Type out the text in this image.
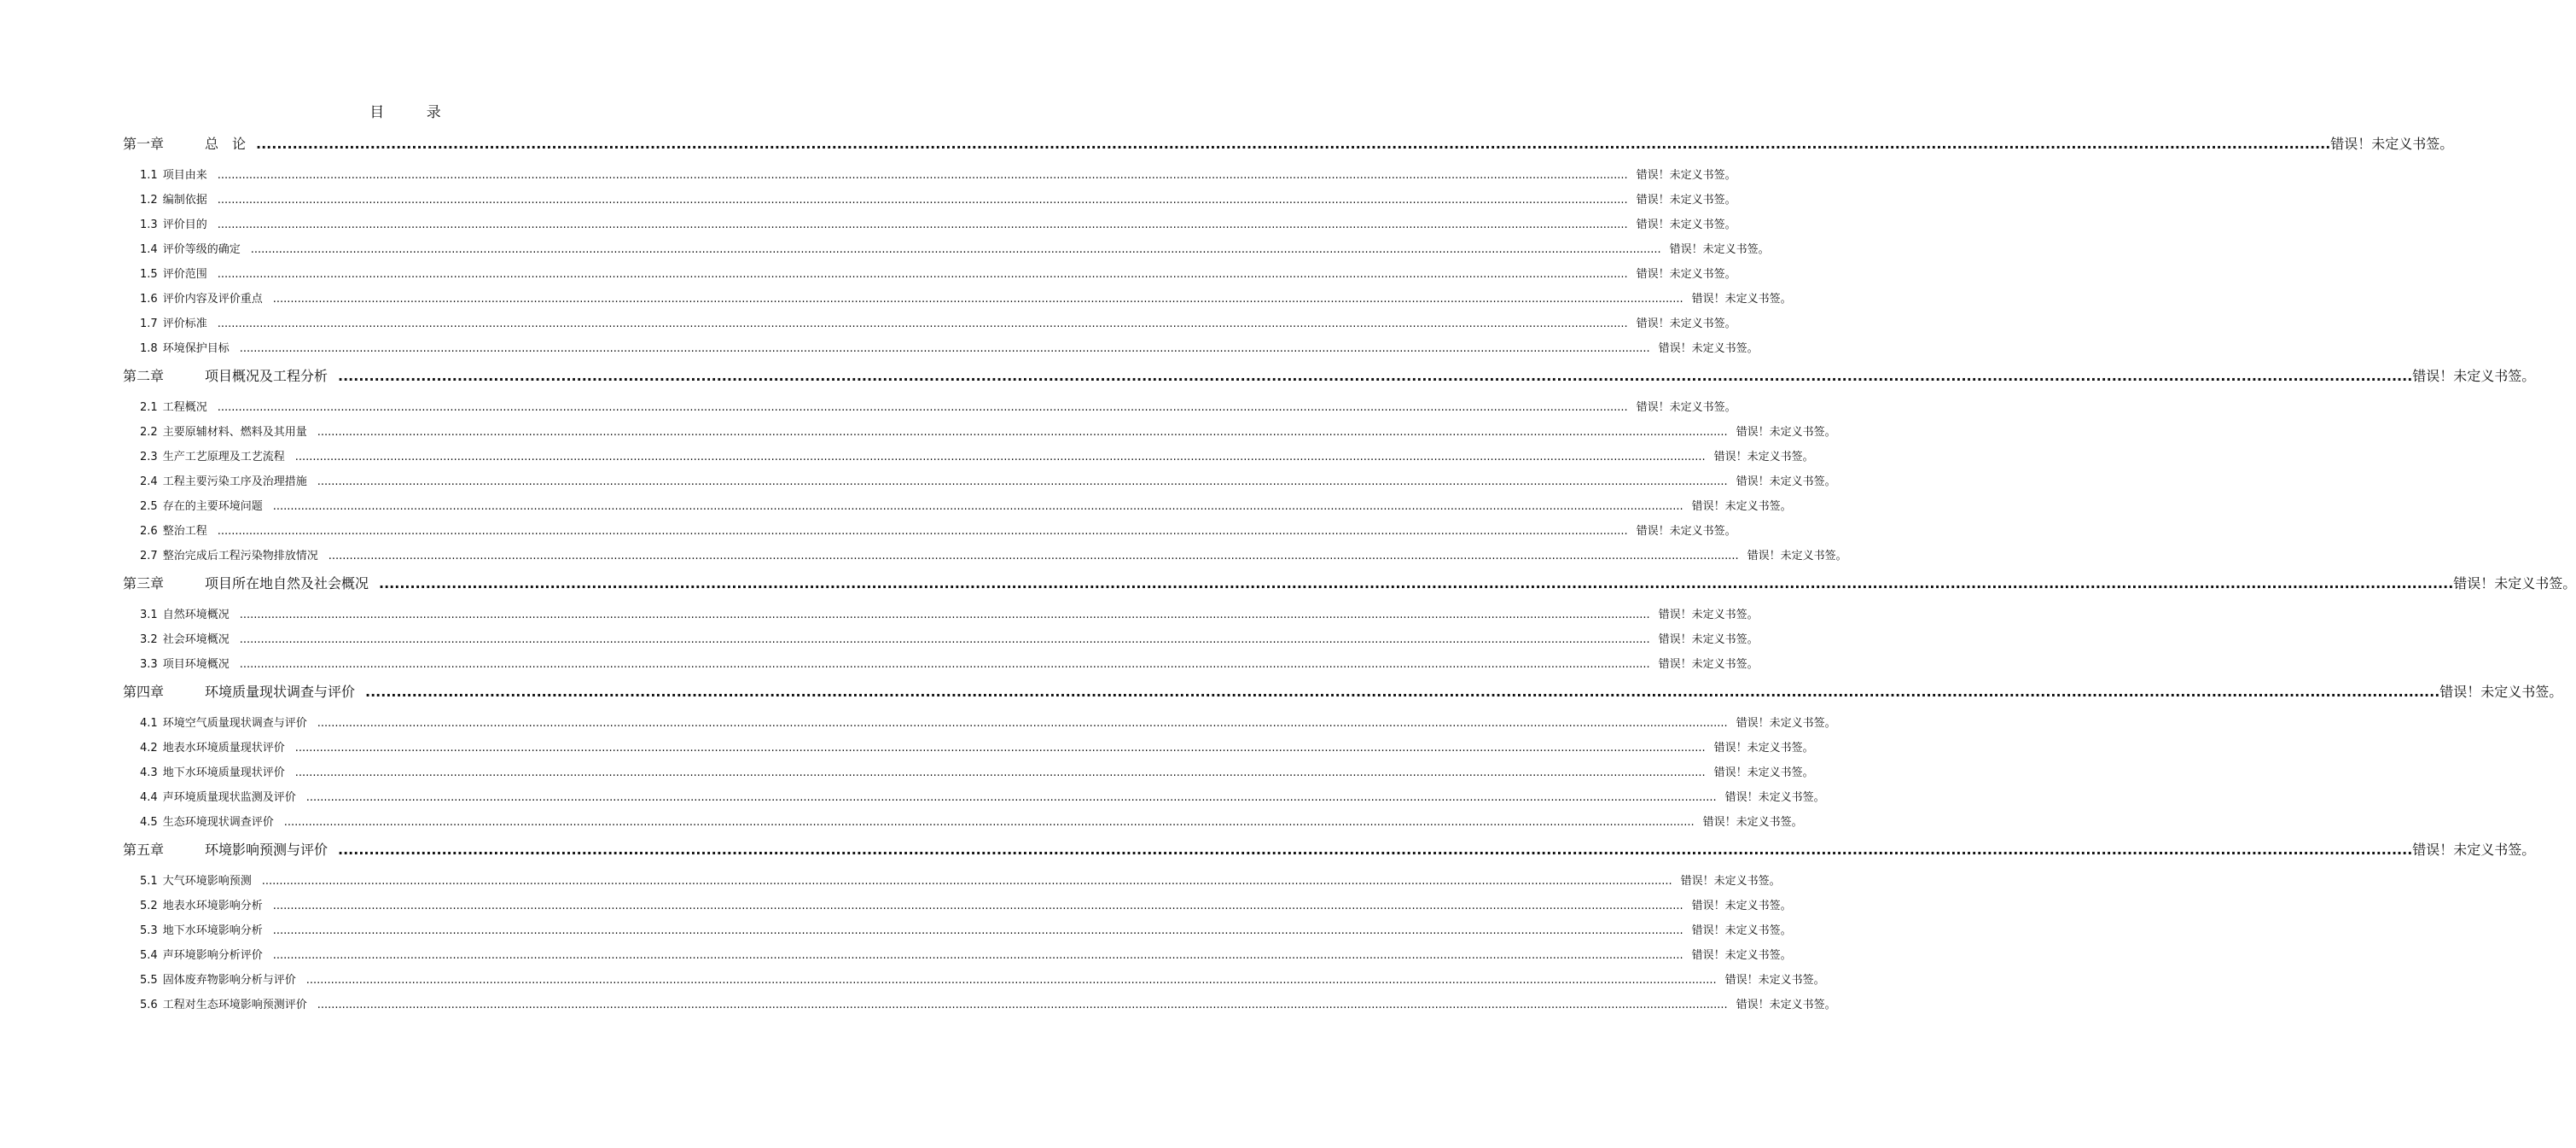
目 录
第一章	总　论 ................................................................................................................................................................................................................................................................................................................................................................................................................ 错误！未定义书签。
1.1 项目由来 ................................................................................................................................................................................................................................................................................................................................................................................................................ 错误！未定义书签。
1.2 编制依据 ................................................................................................................................................................................................................................................................................................................................................................................................................ 错误！未定义书签。
1.3 评价目的 ................................................................................................................................................................................................................................................................................................................................................................................................................ 错误！未定义书签。
1.4 评价等级的确定 ................................................................................................................................................................................................................................................................................................................................................................................................................ 错误！未定义书签。
1.5 评价范围 ................................................................................................................................................................................................................................................................................................................................................................................................................ 错误！未定义书签。
1.6 评价内容及评价重点 ................................................................................................................................................................................................................................................................................................................................................................................................................ 错误！未定义书签。
1.7 评价标准 ................................................................................................................................................................................................................................................................................................................................................................................................................ 错误！未定义书签。
1.8 环境保护目标 ................................................................................................................................................................................................................................................................................................................................................................................................................ 错误！未定义书签。
第二章	项目概况及工程分析 ................................................................................................................................................................................................................................................................................................................................................................................................................ 错误！未定义书签。
2.1 工程概况 ................................................................................................................................................................................................................................................................................................................................................................................................................ 错误！未定义书签。
2.2 主要原辅材料、燃料及其用量 ................................................................................................................................................................................................................................................................................................................................................................................................................ 错误！未定义书签。
2.3 生产工艺原理及工艺流程 ................................................................................................................................................................................................................................................................................................................................................................................................................ 错误！未定义书签。
2.4 工程主要污染工序及治理措施 ................................................................................................................................................................................................................................................................................................................................................................................................................ 错误！未定义书签。
2.5 存在的主要环境问题 ................................................................................................................................................................................................................................................................................................................................................................................................................ 错误！未定义书签。
2.6 整治工程 ................................................................................................................................................................................................................................................................................................................................................................................................................ 错误！未定义书签。
2.7 整治完成后工程污染物排放情况 ................................................................................................................................................................................................................................................................................................................................................................................................................ 错误！未定义书签。
第三章	项目所在地自然及社会概况 ................................................................................................................................................................................................................................................................................................................................................................................................................ 错误！未定义书签。
3.1 自然环境概况 ................................................................................................................................................................................................................................................................................................................................................................................................................ 错误！未定义书签。
3.2 社会环境概况 ................................................................................................................................................................................................................................................................................................................................................................................................................ 错误！未定义书签。
3.3 项目环境概况 ................................................................................................................................................................................................................................................................................................................................................................................................................ 错误！未定义书签。
第四章	环境质量现状调查与评价 ................................................................................................................................................................................................................................................................................................................................................................................................................ 错误！未定义书签。
4.1 环境空气质量现状调查与评价 ................................................................................................................................................................................................................................................................................................................................................................................................................ 错误！未定义书签。
4.2 地表水环境质量现状评价 ................................................................................................................................................................................................................................................................................................................................................................................................................ 错误！未定义书签。
4.3 地下水环境质量现状评价 ................................................................................................................................................................................................................................................................................................................................................................................................................ 错误！未定义书签。
4.4 声环境质量现状监测及评价 ................................................................................................................................................................................................................................................................................................................................................................................................................ 错误！未定义书签。
4.5 生态环境现状调查评价 ................................................................................................................................................................................................................................................................................................................................................................................................................ 错误！未定义书签。
第五章	环境影响预测与评价 ................................................................................................................................................................................................................................................................................................................................................................................................................ 错误！未定义书签。
5.1 大气环境影响预测 ................................................................................................................................................................................................................................................................................................................................................................................................................ 错误！未定义书签。
5.2 地表水环境影响分析 ................................................................................................................................................................................................................................................................................................................................................................................................................ 错误！未定义书签。
5.3 地下水环境影响分析 ................................................................................................................................................................................................................................................................................................................................................................................................................ 错误！未定义书签。
5.4 声环境影响分析评价 ................................................................................................................................................................................................................................................................................................................................................................................................................ 错误！未定义书签。
5.5 固体废弃物影响分析与评价 ................................................................................................................................................................................................................................................................................................................................................................................................................ 错误！未定义书签。
5.6 工程对生态环境影响预测评价 ................................................................................................................................................................................................................................................................................................................................................................................................................ 错误！未定义书签。
